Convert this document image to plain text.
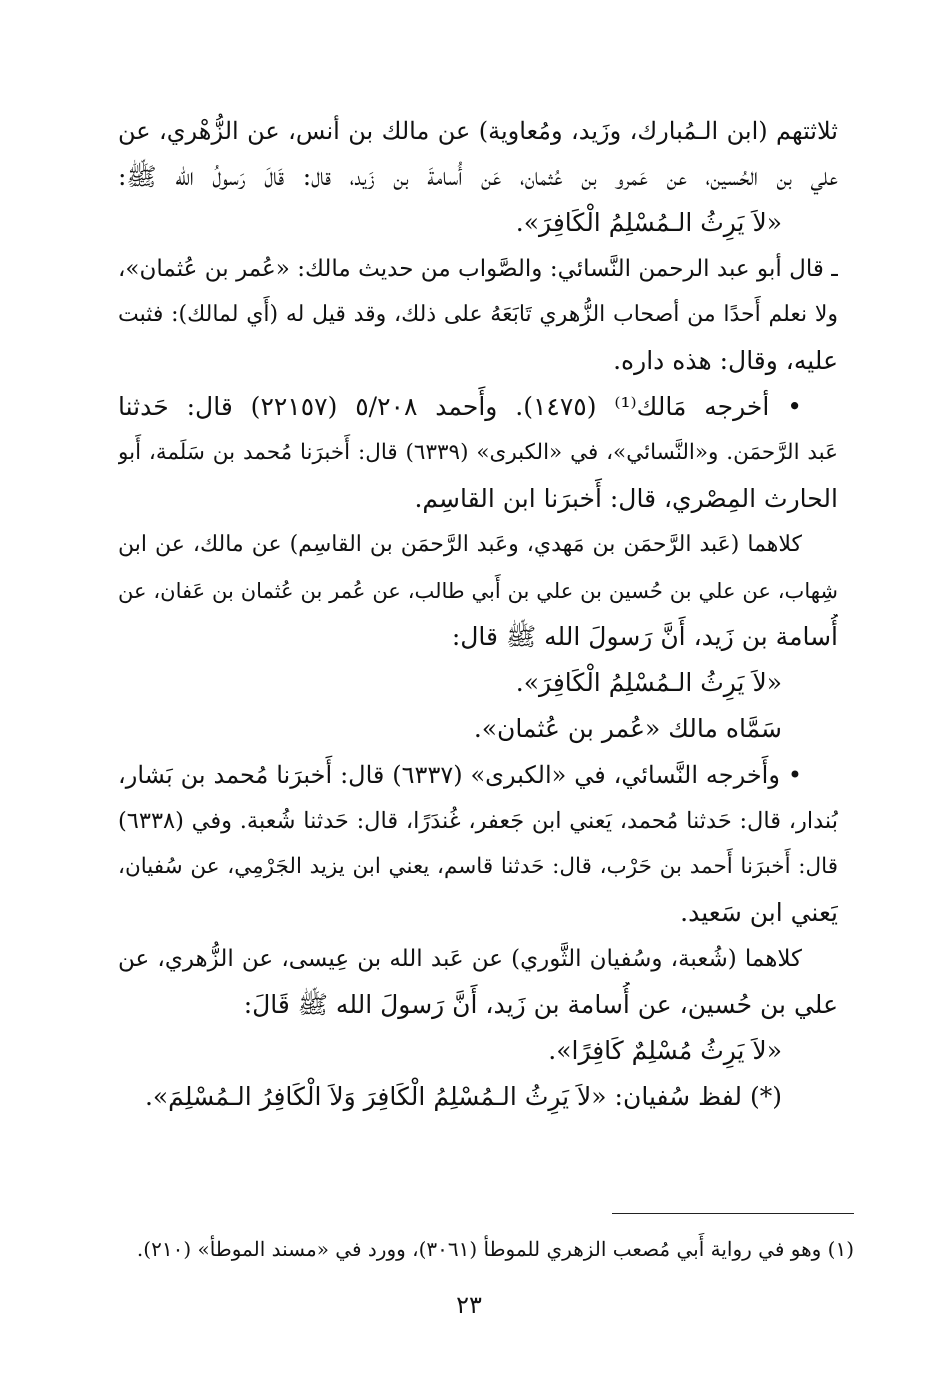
ثلاثتهم (ابن الـمُبارك، وزَيد، ومُعاوية) عن مالك بن أنس، عن الزُّهْري، عن
علي بن الحُسين، عن عَمرو بن عُثمان، عَن أُسامةَ بن زَيد، قال: قَالَ رَسولُ الله ﷺ:
«لاَ يَرِثُ الـمُسْلِمُ الْكَافِرَ».
ـ قال أبو عبد الرحمن النَّسائي: والصَّواب من حديث مالك: «عُمر بن عُثمان»،
ولا نعلم أَحدًا من أصحاب الزُّهري تَابَعَهُ على ذلك، وقد قيل له (أَي لمالك): فثبت
عليه، وقال: هذه داره.
• أخرجه مَالك⁽¹⁾ (١٤٧٥). وأَحمد ٥/٢٠٨ (٢٢١٥٧) قال: حَدثنا
عَبد الرَّحمَن. و«النَّسائي»، في «الكبرى» (٦٣٣٩) قال: أَخبرَنا مُحمد بن سَلَمة، أَبو
الحارث المِصْري، قال: أَخبرَنا ابن القاسِم.
كلاهما (عَبد الرَّحمَن بن مَهدي، وعَبد الرَّحمَن بن القاسِم) عن مالك، عن ابن
شِهاب، عن علي بن حُسين بن علي بن أَبي طالب، عن عُمر بن عُثمان بن عَفان، عن
أُسامة بن زَيد، أَنَّ رَسولَ الله ﷺ قال:
«لاَ يَرِثُ الـمُسْلِمُ الْكَافِرَ».
سَمَّاه مالك «عُمر بن عُثمان».
• وأَخرجه النَّسائي، في «الكبرى» (٦٣٣٧) قال: أَخبرَنا مُحمد بن بَشار،
بُندار، قال: حَدثنا مُحمد، يَعني ابن جَعفر، غُندَرًا، قال: حَدثنا شُعبة. وفي (٦٣٣٨)
قال: أَخبرَنا أَحمد بن حَرْب، قال: حَدثنا قاسم، يعني ابن يزيد الجَرْمِي، عن سُفيان،
يَعني ابن سَعيد.
كلاهما (شُعبة، وسُفيان الثَّوري) عن عَبد الله بن عِيسى، عن الزُّهري، عن
علي بن حُسين، عن أُسامة بن زَيد، أَنَّ رَسولَ الله ﷺ قَالَ:
«لاَ يَرِثُ مُسْلِمٌ كَافِرًا».
(*) لفظ سُفيان: «لاَ يَرِثُ الـمُسْلِمُ الْكَافِرَ وَلاَ الْكَافِرُ الـمُسْلِمَ».
(١) وهو في رواية أَبي مُصعب الزهري للموطأ (٣٠٦١)، وورد في «مسند الموطأ» (٢١٠).
٢٣
